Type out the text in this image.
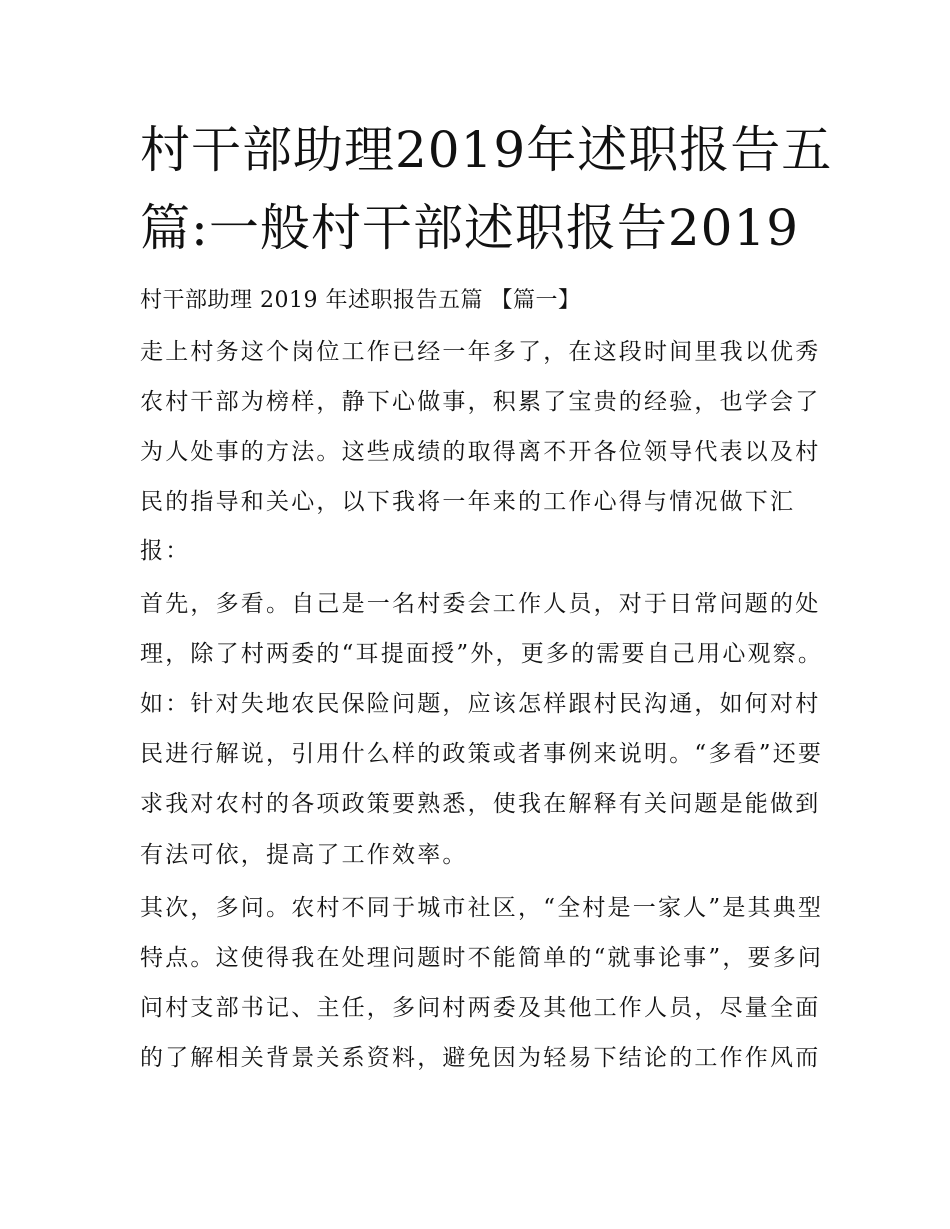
村干部助理2019年述职报告五
篇:一般村干部述职报告2019

村干部助理 2019 年述职报告五篇 【篇一】

走上村务这个岗位工作已经一年多了，在这段时间里我以优秀

农村干部为榜样，静下心做事，积累了宝贵的经验，也学会了

为人处事的方法。这些成绩的取得离不开各位领导代表以及村

民的指导和关心，以下我将一年来的工作心得与情况做下汇

报：

首先，多看。自己是一名村委会工作人员，对于日常问题的处

理，除了村两委的“耳提面授”外，更多的需要自己用心观察。

如：针对失地农民保险问题，应该怎样跟村民沟通，如何对村

民进行解说，引用什么样的政策或者事例来说明。“多看”还要

求我对农村的各项政策要熟悉，使我在解释有关问题是能做到

有法可依，提高了工作效率。

其次，多问。农村不同于城市社区，“全村是一家人”是其典型

特点。这使得我在处理问题时不能简单的“就事论事”，要多问

问村支部书记、主任，多问村两委及其他工作人员，尽量全面

的了解相关背景关系资料，避免因为轻易下结论的工作作风而
